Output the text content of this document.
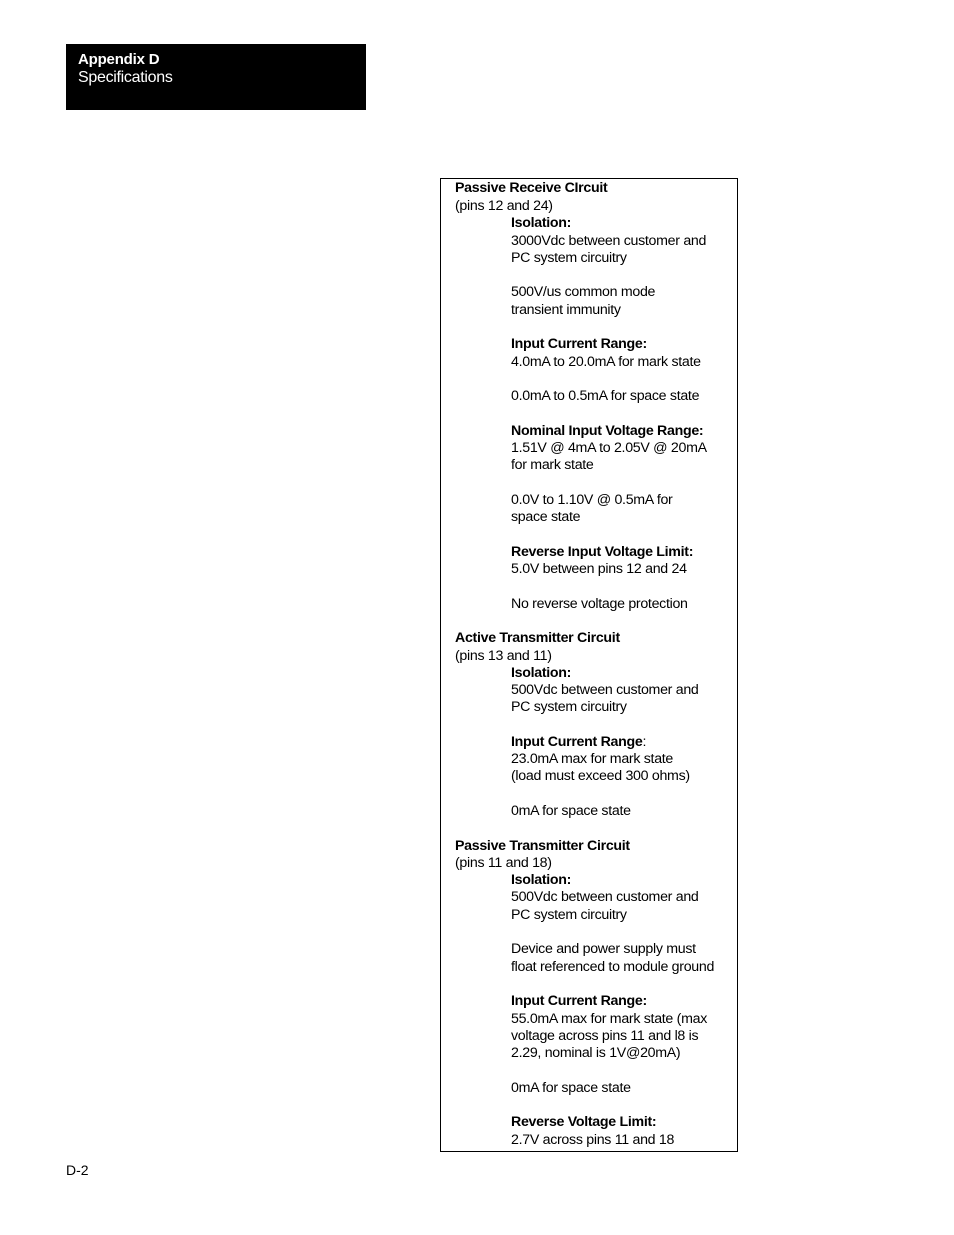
Appendix D
Specifications
Passive Receive CIrcuit
(pins 12 and 24)
Isolation:
3000Vdc between customer and
PC system circuitry
500V/us common mode
transient immunity
Input Current Range:
4.0mA to 20.0mA for mark state
0.0mA to 0.5mA for space state
Nominal Input Voltage Range:
1.51V @ 4mA to 2.05V @ 20mA
for mark state
0.0V to 1.10V @ 0.5mA for
space state
Reverse Input Voltage Limit:
5.0V between pins 12 and 24
No reverse voltage protection
Active Transmitter Circuit
(pins 13 and 11)
Isolation:
500Vdc between customer and
PC system circuitry
Input Current Range:
23.0mA max for mark state
(load must exceed 300 ohms)
0mA for space state
Passive Transmitter Circuit
(pins 11 and 18)
Isolation:
500Vdc between customer and
PC system circuitry
Device and power supply must
float referenced to module ground
Input Current Range:
55.0mA max for mark state (max
voltage across pins 11 and l8 is
2.29, nominal is 1V@20mA)
0mA for space state
Reverse Voltage Limit:
2.7V across pins 11 and 18
D-2
